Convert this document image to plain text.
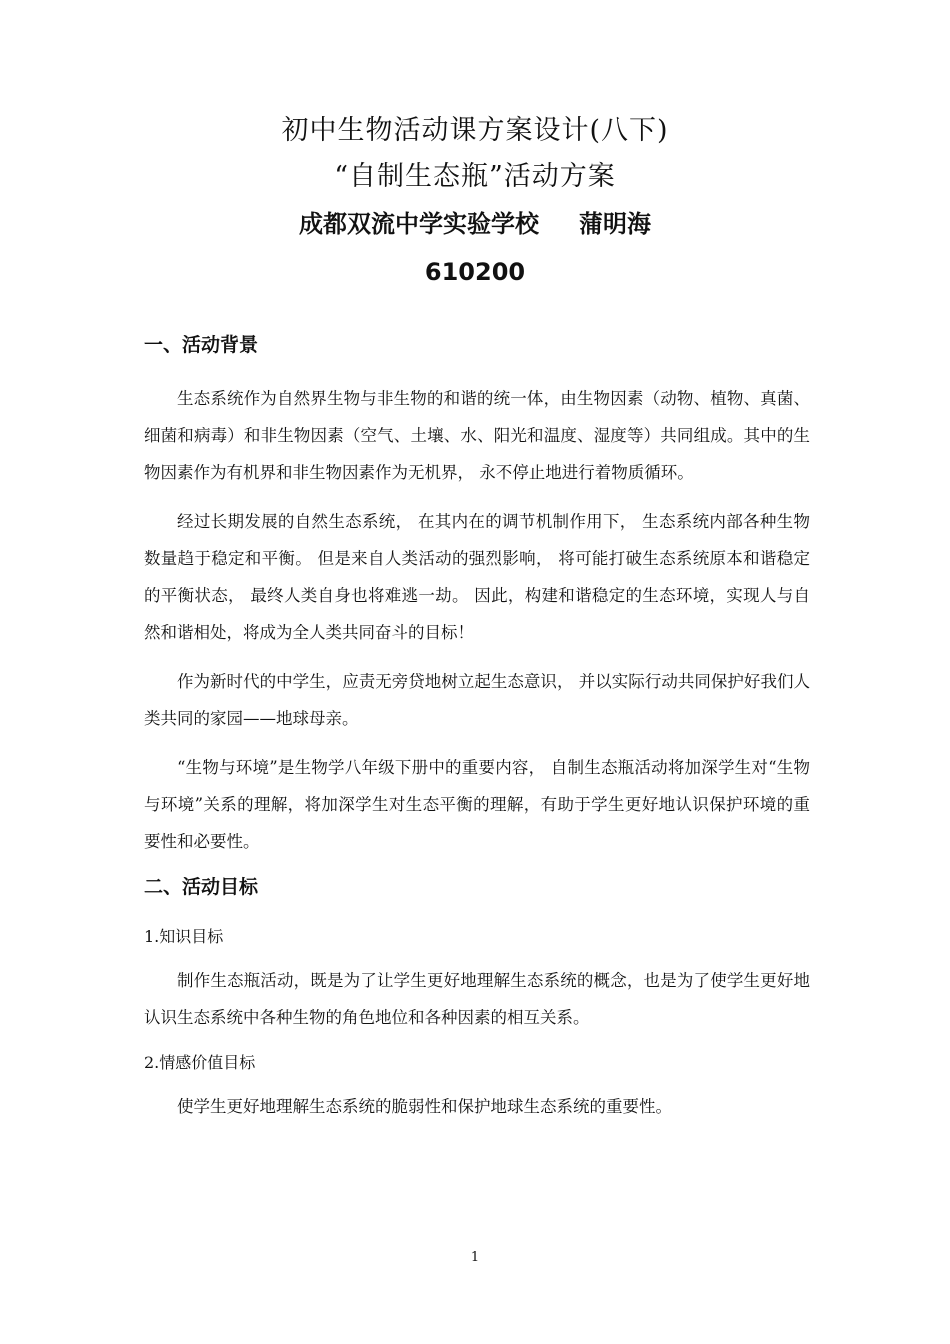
初中生物活动课方案设计(八下)
“自制生态瓶”活动方案
成都双流中学实验学校 蒲明海
610200
一、活动背景

生态系统作为自然界生物与非生物的和谐的统一体，由生物因素（动物、植物、真菌、细菌和病毒）和非生物因素（空气、土壤、水、阳光和温度、湿度等）共同组成。其中的生物因素作为有机界和非生物因素作为无机界， 永不停止地进行着物质循环。

经过长期发展的自然生态系统， 在其内在的调节机制作用下， 生态系统内部各种生物数量趋于稳定和平衡。 但是来自人类活动的强烈影响， 将可能打破生态系统原本和谐稳定的平衡状态， 最终人类自身也将难逃一劫。 因此，构建和谐稳定的生态环境，实现人与自然和谐相处，将成为全人类共同奋斗的目标！

作为新时代的中学生，应责无旁贷地树立起生态意识， 并以实际行动共同保护好我们人类共同的家园——地球母亲。

“生物与环境”是生物学八年级下册中的重要内容， 自制生态瓶活动将加深学生对“生物与环境”关系的理解，将加深学生对生态平衡的理解，有助于学生更好地认识保护环境的重要性和必要性。

二、活动目标
1.知识目标

制作生态瓶活动，既是为了让学生更好地理解生态系统的概念，也是为了使学生更好地认识生态系统中各种生物的角色地位和各种因素的相互关系。

2.情感价值目标

使学生更好地理解生态系统的脆弱性和保护地球生态系统的重要性。

1
